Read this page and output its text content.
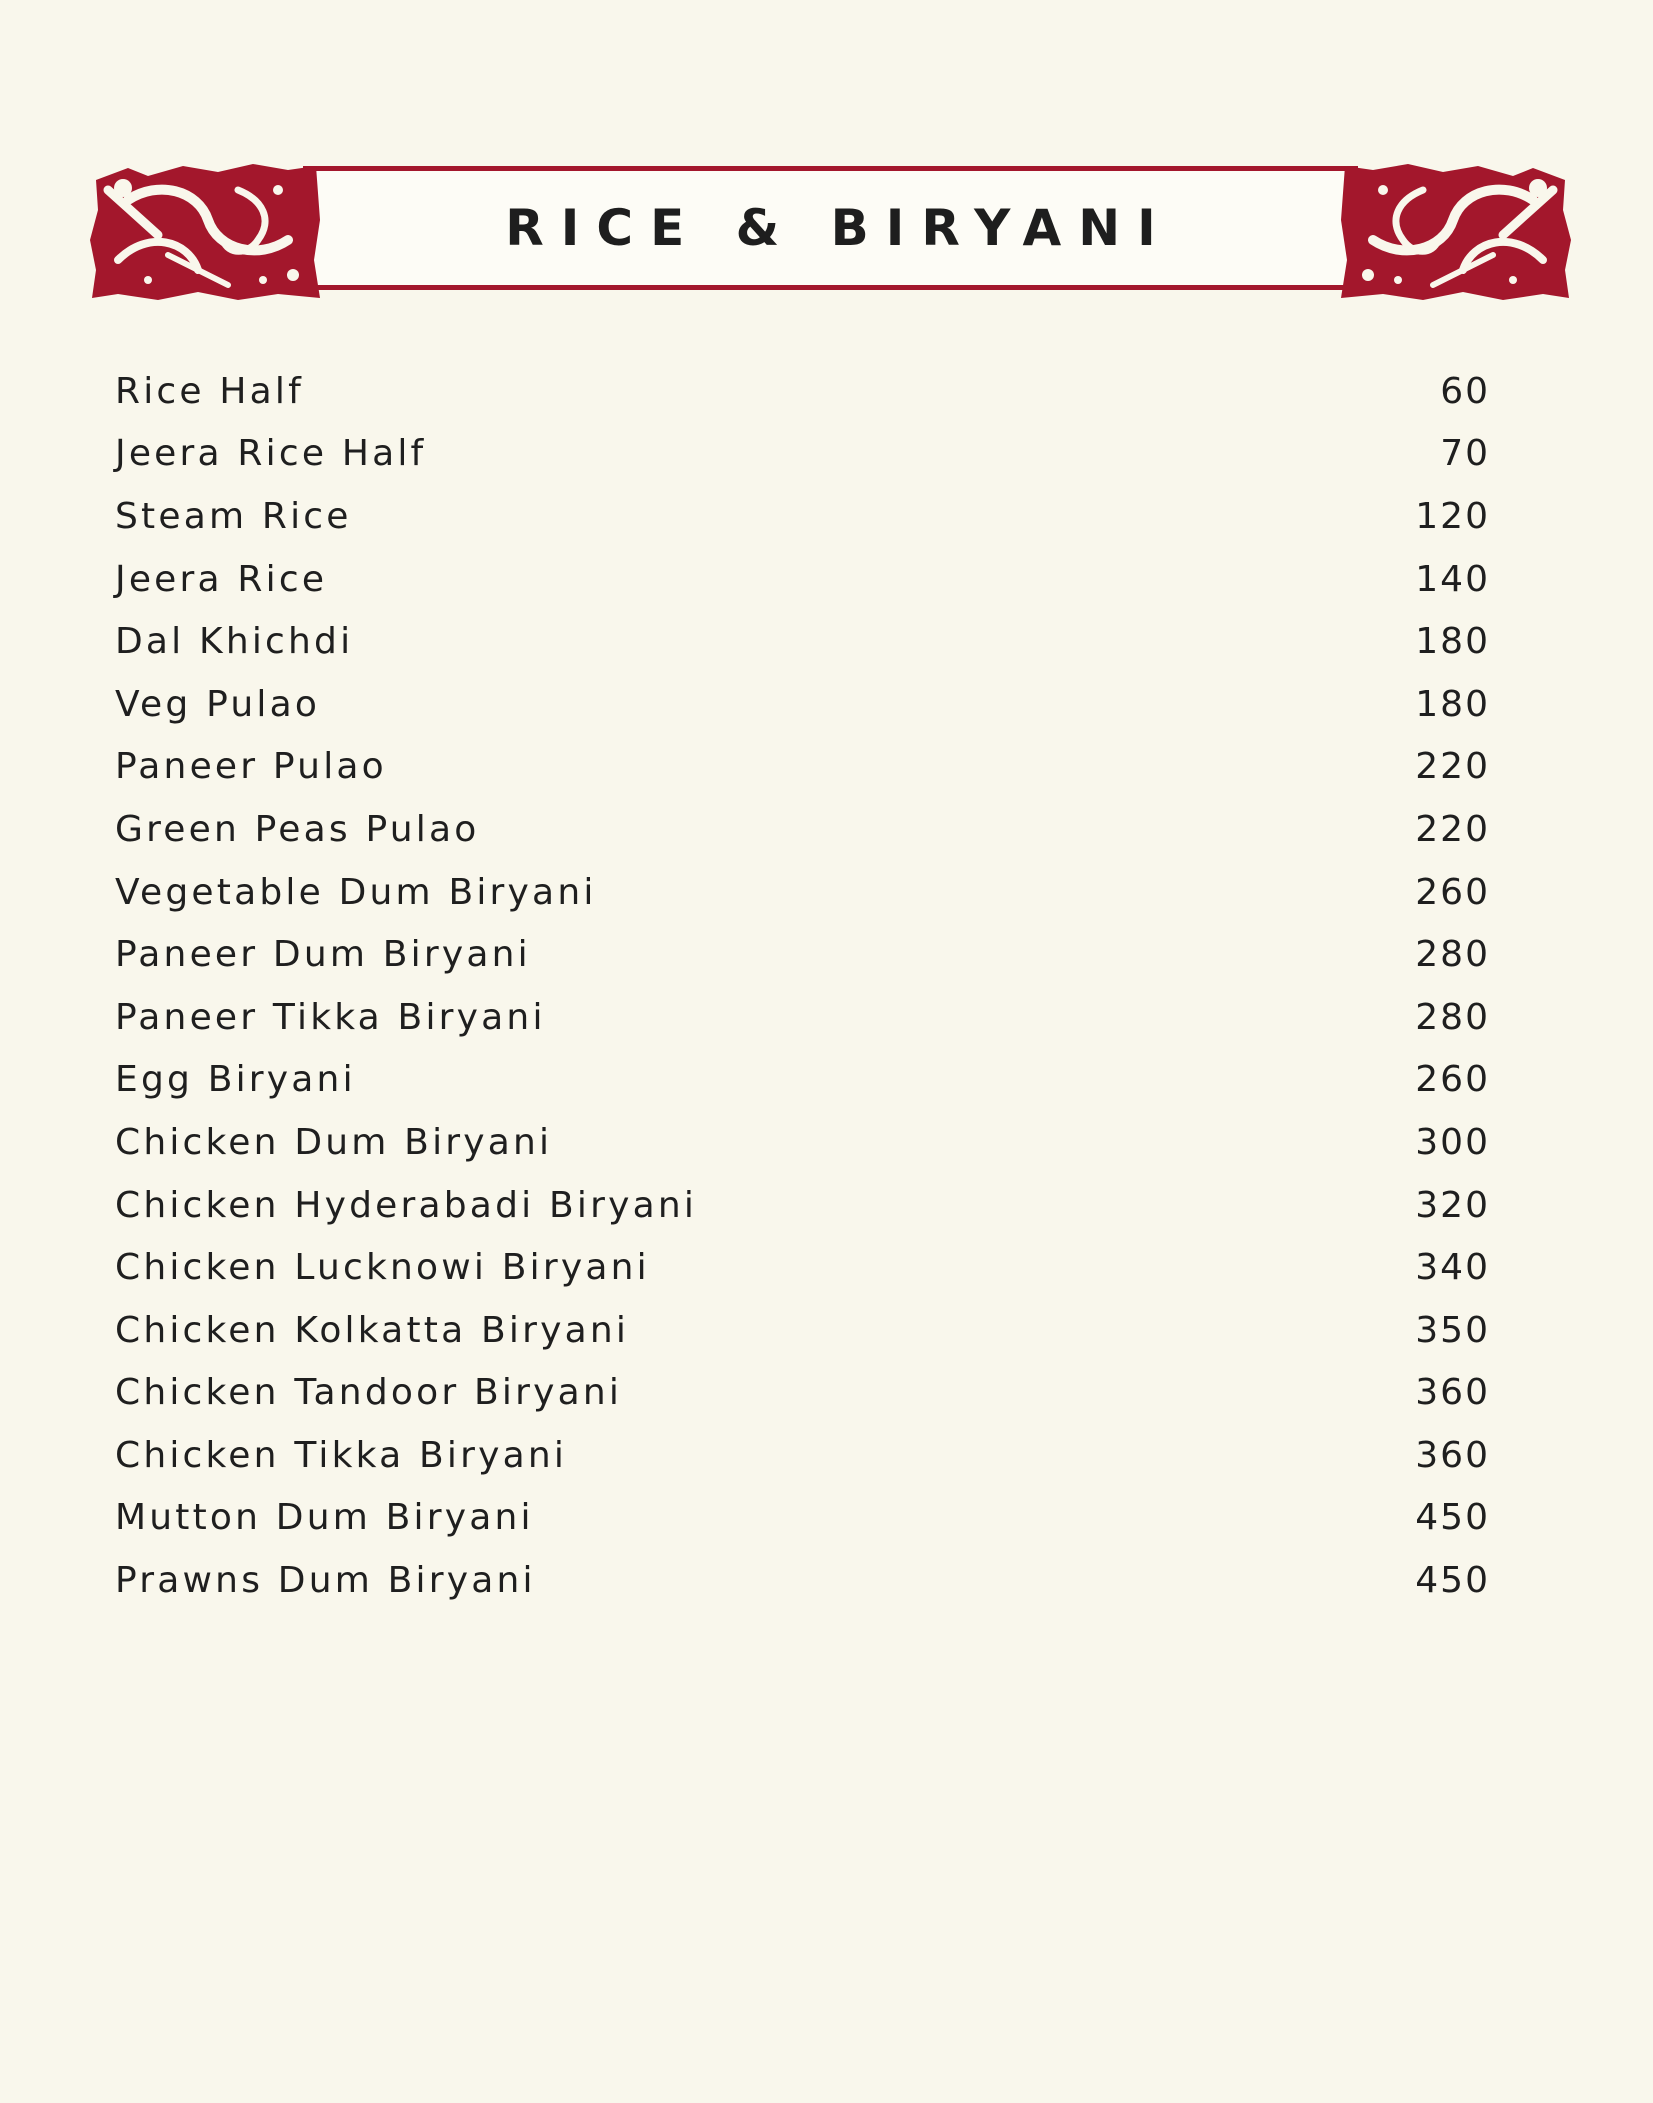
RICE & BIRYANI
Rice Half	60
Jeera Rice Half	70
Steam Rice	120
Jeera Rice	140
Dal Khichdi	180
Veg Pulao	180
Paneer Pulao	220
Green Peas Pulao	220
Vegetable Dum Biryani	260
Paneer Dum Biryani	280
Paneer Tikka Biryani	280
Egg Biryani	260
Chicken Dum Biryani	300
Chicken Hyderabadi Biryani	320
Chicken Lucknowi Biryani	340
Chicken Kolkatta Biryani	350
Chicken Tandoor Biryani	360
Chicken Tikka Biryani	360
Mutton Dum Biryani	450
Prawns Dum Biryani	450
